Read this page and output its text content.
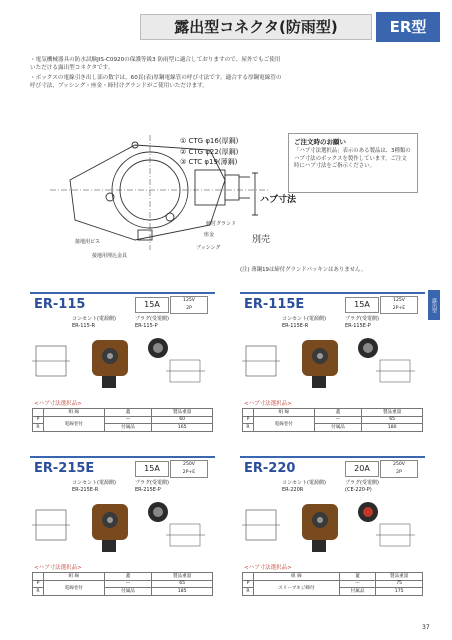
露出型コネクタ(防雨型)	ER型

・電気機械器具の防水試験JIS-C0920の保護等級3 防雨型に適合しておりますので、屋外でもご使用いただける露出型コネクタです。

・ボックスの電線引き出し部の数字は、60頁(表)厚鋼電線管の呼び寸法です。適合する厚鋼電線管の呼び寸法、ブッシング・座金・締付けグランドがご使用いただけます。

① CTG φ16(厚鋼)
② CTG φ22(厚鋼)
③ CTC φ19(薄鋼)
ご注文時のお願い
「ハブ寸法選択品」表示のある製品は、3種類のハブ寸法のボックスを製作しています。ご注文時にハブ寸法をご指示ください。
ハブ寸法
締付グランド
座金
ブッシング
別売
接地用ビス
接地用埋込金具
(注) 薄鋼19は締付グランドパッキンはありません。
露出型
ER-115	15A	125V
2P
コンセント(電源側)
ER-115-R
プラグ(受電側)
ER-115-P
<ハブ寸法選択品>
	組 線	蓋	製品重量
P	電線巻付	—	60
R		付属品	165
ER-115E	15A	125V
2P+E
コンセント(電源側)
ER-115E-R
プラグ(受電側)
ER-115E-P
<ハブ寸法選択品>
	組 線	蓋	製品重量
P	電線巻付	—	65
R		付属品	180
ER-215E	15A	250V
2P+E
コンセント(電源側)
ER-215E-R
プラグ(受電側)
ER-215E-P
<ハブ寸法選択品>
	組 線	蓋	製品重量
P	電線巻付	—	65
R		付属品	185
ER-220	20A	250V
2P
コンセント(電源側)
ER-220R
プラグ(受電側)
(CE-220-P)
<ハブ寸法選択品>
	組 線	蓋	製品重量
P	スリーブネジ締付	—	75
R		付属品	175
37
